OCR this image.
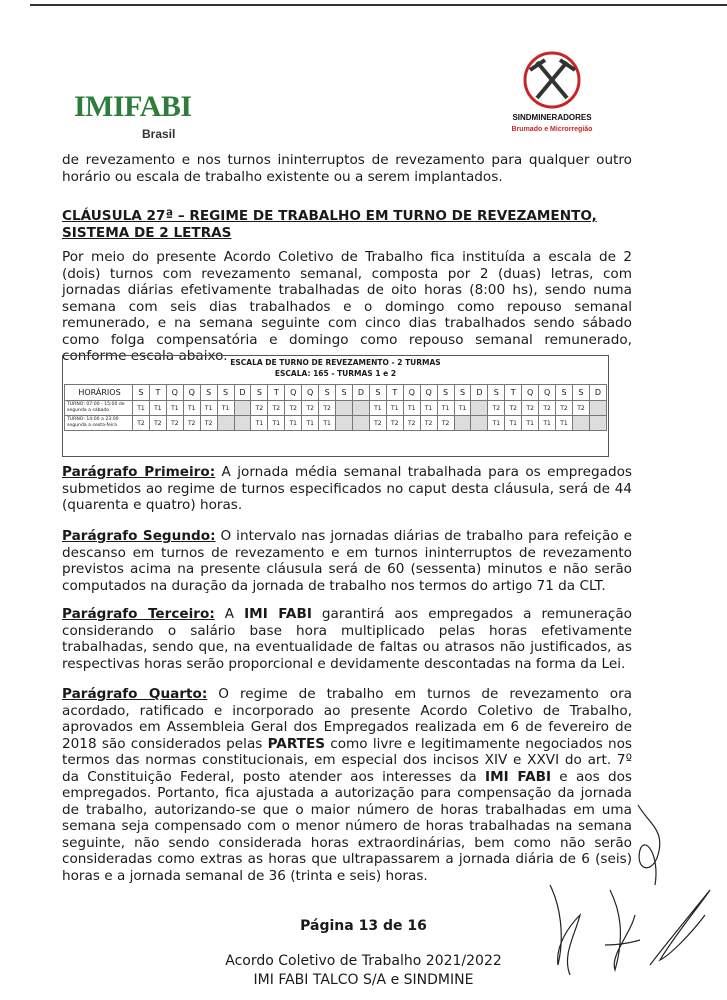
IMIFABI
Brasil
SINDMINERADORES
Brumado e Microrregião
de revezamento e nos turnos ininterruptos de revezamento para qualquer outro horário ou escala de trabalho existente ou a serem implantados.
CLÁUSULA 27ª – REGIME DE TRABALHO EM TURNO DE REVEZAMENTO,
SISTEMA DE 2 LETRAS
Por meio do presente Acordo Coletivo de Trabalho fica instituída a escala de 2 (dois) turnos com revezamento semanal, composta por 2 (duas) letras, com jornadas diárias efetivamente trabalhadas de oito horas (8:00 hs), sendo numa semana com seis dias trabalhados e o domingo como repouso semanal remunerado, e na semana seguinte com cinco dias trabalhados sendo sábado como folga compensatória e domingo como repouso semanal remunerado, conforme escala abaixo. ESCALA DE TURNO DE REVEZAMENTO - 2 TURMAS
ESCALA: 165 - TURMAS 1 e 2
HORÁRIOS	S	T	Q	Q	S	S	D	S	T	Q	Q	S	S	D	S	T	Q	Q	S	S	D	S	T	Q	Q	S	S	D
TURNO: 07:00 - 15:00 de segunda a sábado	T1	T1	T1	T1	T1	T1		T2	T2	T2	T2	T2			T1	T1	T1	T1	T1	T1		T2	T2	T2	T2	T2	T2	
TURNO: 14:00 a 23:00 segunda a sexta-feira	T2	T2	T2	T2	T2			T1	T1	T1	T1	T1			T2	T2	T2	T2	T2			T1	T1	T1	T1	T1		
Parágrafo Primeiro: A jornada média semanal trabalhada para os empregados submetidos ao regime de turnos especificados no caput desta cláusula, será de 44 (quarenta e quatro) horas.
Parágrafo Segundo: O intervalo nas jornadas diárias de trabalho para refeição e descanso em turnos de revezamento e em turnos ininterruptos de revezamento previstos acima na presente cláusula será de 60 (sessenta) minutos e não serão computados na duração da jornada de trabalho nos termos do artigo 71 da CLT.
Parágrafo Terceiro: A IMI FABI garantirá aos empregados a remuneração considerando o salário base hora multiplicado pelas horas efetivamente trabalhadas, sendo que, na eventualidade de faltas ou atrasos não justificados, as respectivas horas serão proporcional e devidamente descontadas na forma da Lei.
Parágrafo Quarto: O regime de trabalho em turnos de revezamento ora acordado, ratificado e incorporado ao presente Acordo Coletivo de Trabalho, aprovados em Assembleia Geral dos Empregados realizada em 6 de fevereiro de 2018 são considerados pelas PARTES como livre e legitimamente negociados nos termos das normas constitucionais, em especial dos incisos XIV e XXVI do art. 7º da Constituição Federal, posto atender aos interesses da IMI FABI e aos dos empregados. Portanto, fica ajustada a autorização para compensação da jornada de trabalho, autorizando-se que o maior número de horas trabalhadas em uma semana seja compensado com o menor número de horas trabalhadas na semana seguinte, não sendo considerada horas extraordinárias, bem como não serão consideradas como extras as horas que ultrapassarem a jornada diária de 6 (seis) horas e a jornada semanal de 36 (trinta e seis) horas.
Página 13 de 16
Acordo Coletivo de Trabalho 2021/2022
IMI FABI TALCO S/A e SINDMINE
